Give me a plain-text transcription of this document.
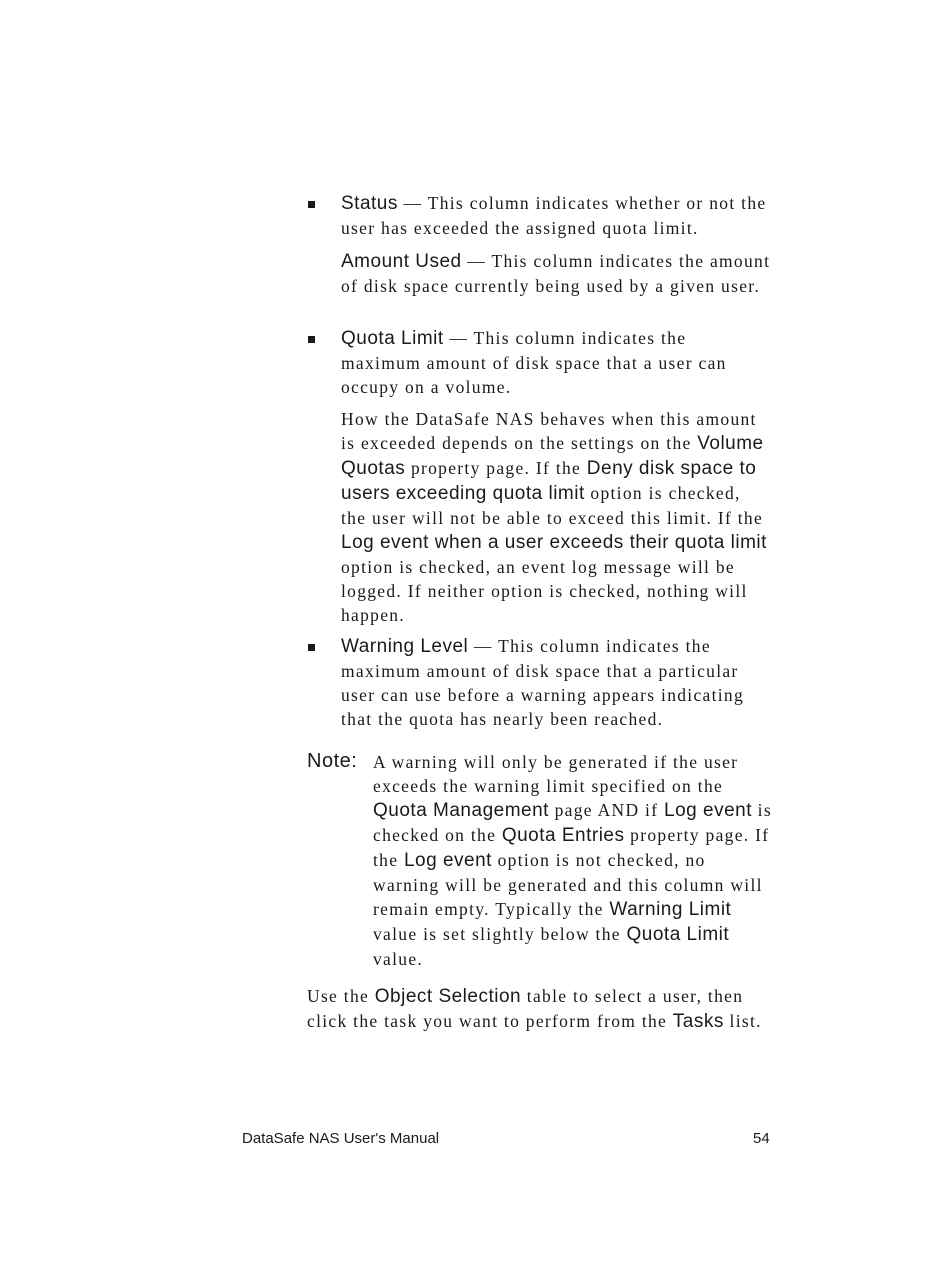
Status — This column indicates whether or not the user has exceeded the assigned quota limit.
Amount Used — This column indicates the amount of disk space currently being used by a given user.
Quota Limit — This column indicates the maximum amount of disk space that a user can occupy on a volume.
How the DataSafe NAS behaves when this amount is exceeded depends on the settings on the Volume Quotas property page. If the Deny disk space to users exceeding quota limit option is checked, the user will not be able to exceed this limit. If the Log event when a user exceeds their quota limit option is checked, an event log message will be logged. If neither option is checked, nothing will happen.
Warning Level — This column indicates the maximum amount of disk space that a particular user can use before a warning appears indicating that the quota has nearly been reached.
Note: A warning will only be generated if the user exceeds the warning limit specified on the Quota Management page AND if Log event is checked on the Quota Entries property page. If the Log event option is not checked, no warning will be generated and this column will remain empty. Typically the Warning Limit value is set slightly below the Quota Limit value.
Use the Object Selection table to select a user, then click the task you want to perform from the Tasks list.
DataSafe NAS User's Manual	54
